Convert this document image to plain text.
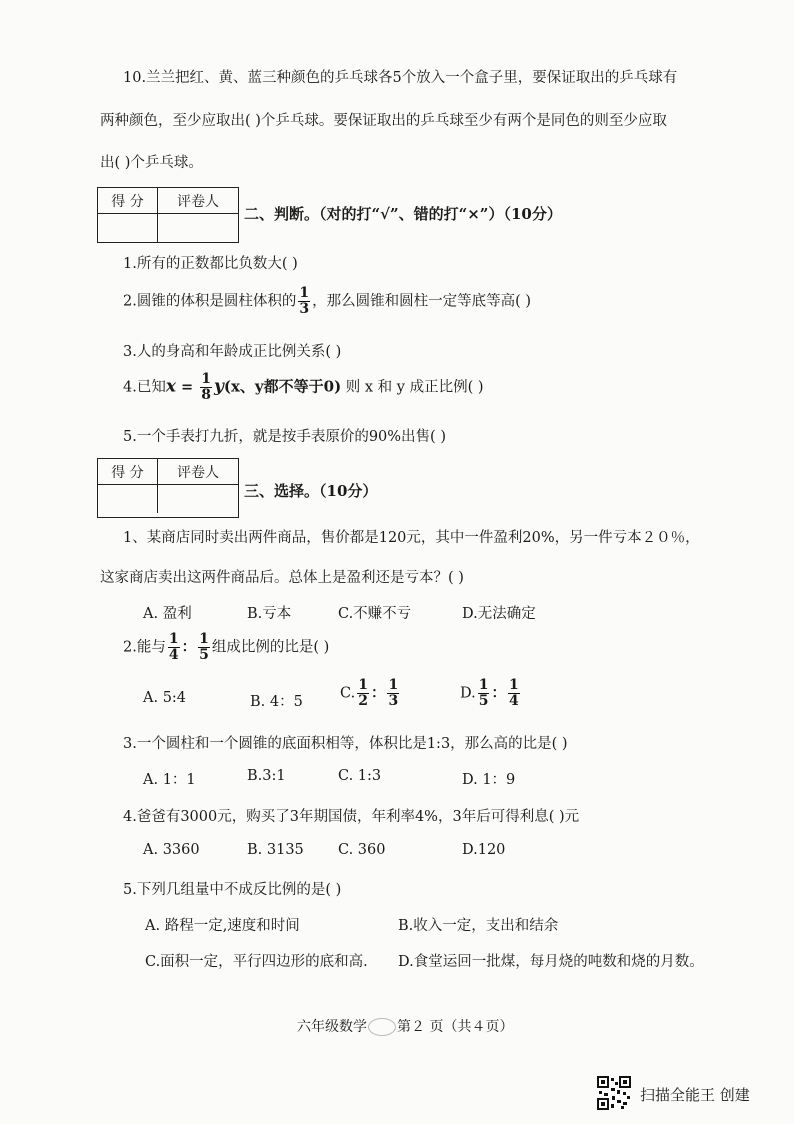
10.兰兰把红、黄、蓝三种颜色的乒乓球各5个放入一个盒子里，要保证取出的乒乓球有
两种颜色，至少应取出( )个乒乓球。要保证取出的乒乓球至少有两个是同色的则至少应取
出( )个乒乓球。
得 分	评卷人
二、判断。（对的打“√”、错的打“×”）（10分）
1.所有的正数都比负数大( )
2.圆锥的体积是圆柱体积的 $\frac{1}{3}$ ，那么圆锥和圆柱一定等底等高( )
3.人的身高和年龄成正比例关系( )
4.已知$x = \frac{1}{8} y(x$、y都不等于0) 则 x 和 y 成正比例( )
5.一个手表打九折，就是按手表原价的90%出售( )
得 分	评卷人
三、选择。（10分）
1、某商店同时卖出两件商品，售价都是120元，其中一件盈利20%，另一件亏本２０％，
这家商店卖出这两件商品后。总体上是盈利还是亏本？( )
A. 盈利	B.亏本	C.不赚不亏	D.无法确定
2.能与 $\frac{1}{4}$ ： $\frac{1}{5}$ 组成比例的比是( )
A. 5:4	B. 4：5
C. $\frac{1}{2}$ ： $\frac{1}{3}$	D. $\frac{1}{5}$ ： $\frac{1}{4}$
3.一个圆柱和一个圆锥的底面积相等，体积比是1:3，那么高的比是( )
A. 1：1	B.3:1	C. 1:3	D. 1：9
4.爸爸有3000元，购买了3年期国债，年利率4%，3年后可得利息( )元
A. 3360	B. 3135 C. 360	D.120
5.下列几组量中不成反比例的是( )
A. 路程一定,速度和时间	B.收入一定，支出和结余
C.面积一定，平行四边形的底和高. D.食堂运回一批煤，每月烧的吨数和烧的月数。
六年级数学 第２ 页（共４页）
扫描全能王 创建
